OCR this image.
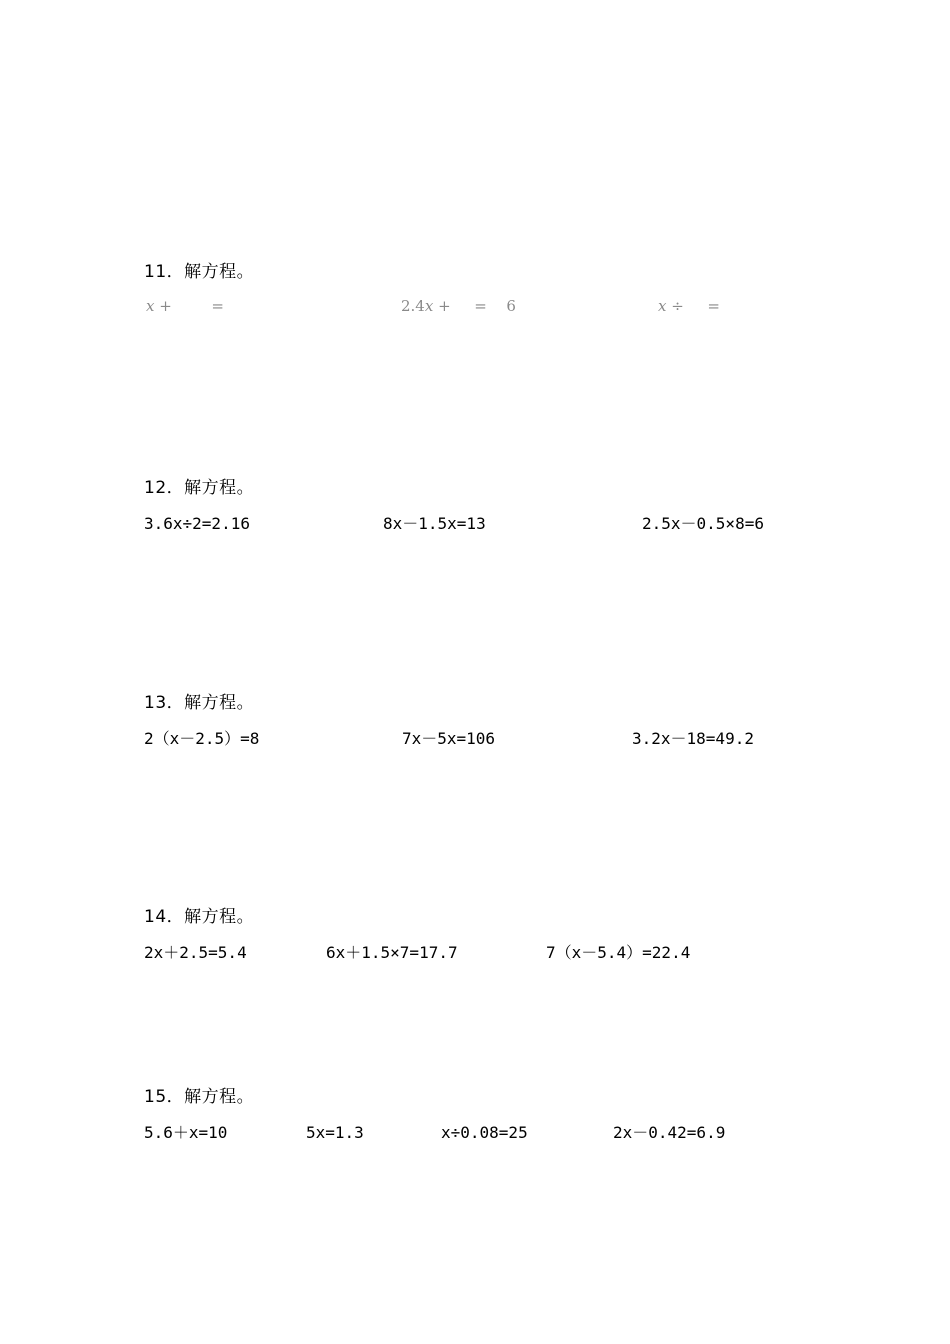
11．解方程。
x +	=	2.4x + = 6	x ÷ =
12．解方程。
3.6x÷2=2.16	8x－1.5x=13	2.5x－0.5×8=6
13．解方程。
2（x－2.5）=8	7x－5x=106	3.2x－18=49.2
14．解方程。
2x＋2.5=5.4	6x＋1.5×7=17.7	7（x－5.4）=22.4
15．解方程。
5.6＋x=10	5x=1.3	x÷0.08=25	2x－0.42=6.9
